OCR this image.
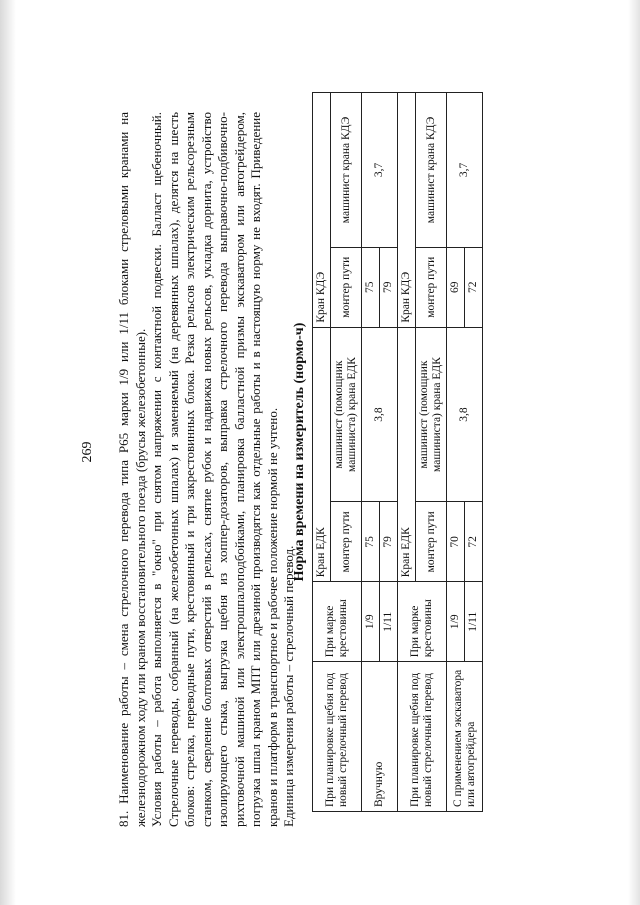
269 81. Наименование работы – смена стрелочного перевода типа Р65 марки 1/9 или 1/11 блоками стреловыми кранами на железнодорожном ходу или краном восстановительного поезда (брусья железобетонные). Условия работы – работа выполняется в "окно" при снятом напряжении с контактной подвески. Балласт щебеночный. Стрелочные переводы, собранный (на железобетонных шпалах) и заменяемый (на деревянных шпалах), делятся на шесть блоков: стрелка, переводные пути, крестовинный и три закрестовинных блока. Резка рельсов электрическим рельсорезным станком, сверление болтовых отверстий в рельсах, снятие рубок и надвижка новых рельсов, укладка дорнита, устройство изолирующего стыка, выгрузка щебня из хоппер-дозаторов, выправка стрелочного перевода выправочно-подбивочно-рихтовочной машиной или электрошпалоподбойками, планировка балластной призмы экскаватором или автогрейдером, погрузка шпал краном МПТ или дрезиной производятся как отдельные работы и в настоящую норму не входят. Приведение кранов и платформ в транспортное и рабочее положение нормой не учтено. Единица измерения работы – стрелочный перевод.

Норма времени на измеритель (нормо-ч)
При планировке щебня под новый стрелочный перевод	При марке крестовины	Кран ЕДК		Кран КДЭ	
		монтер пути	машинист (помощник машиниста) крана ЕДК	монтер пути	машинист крана КДЭ
Вручную	1/9	75	3,8	75	3,7
	1/11	79		79	
При планировке щебня под новый стрелочный перевод	При марке крестовины	Кран ЕДК		Кран КДЭ	
		монтер пути	машинист (помощник машиниста) крана ЕДК	монтер пути	машинист крана КДЭ
С применением экскаватора или автогрейдера	1/9	70	3,8	69	3,7
	1/11	72		72	
